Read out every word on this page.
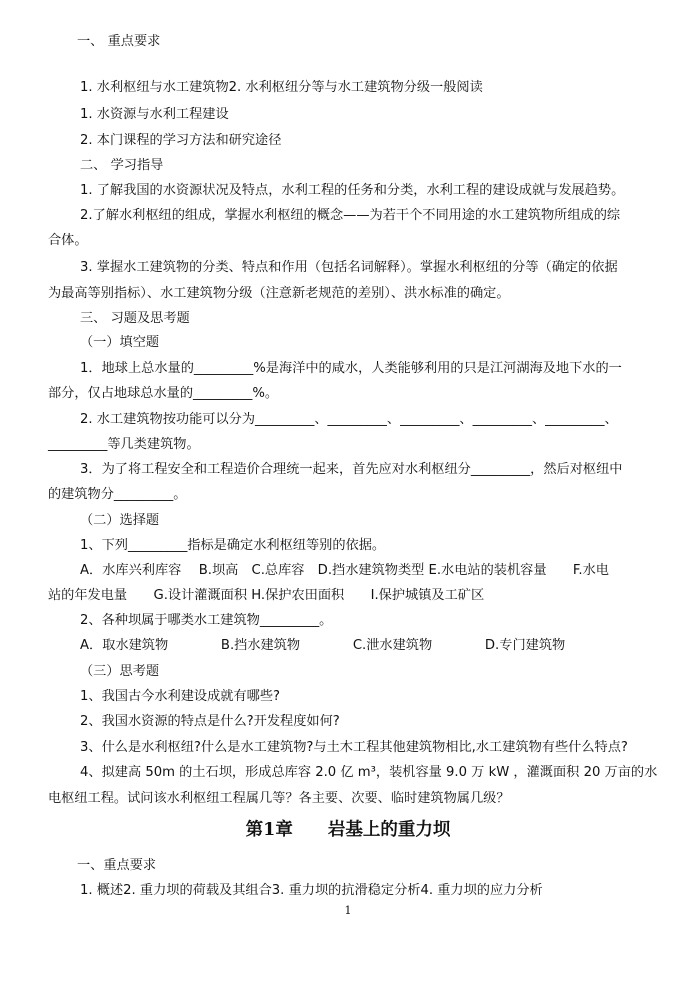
一、 重点要求
1. 水利枢纽与水工建筑物2. 水利枢纽分等与水工建筑物分级一般阅读
1. 水资源与水利工程建设
2. 本门课程的学习方法和研究途径
二、 学习指导
1. 了解我国的水资源状况及特点，水利工程的任务和分类，水利工程的建设成就与发展趋势。
2.了解水利枢纽的组成，掌握水利枢纽的概念——为若干个不同用途的水工建筑物所组成的综
合体。
3. 掌握水工建筑物的分类、特点和作用（包括名词解释）。掌握水利枢纽的分等（确定的依据
为最高等别指标）、水工建筑物分级（注意新老规范的差别）、洪水标准的确定。
三、 习题及思考题
（一）填空题
1．地球上总水量的_________%是海洋中的咸水，人类能够利用的只是江河湖海及地下水的一
部分，仅占地球总水量的_________%。
2. 水工建筑物按功能可以分为_________、_________、_________、_________、_________、
_________等几类建筑物。
3．为了将工程安全和工程造价合理统一起来，首先应对水利枢纽分_________，然后对枢纽中
的建筑物分_________。
（二）选择题
1、下列_________指标是确定水利枢纽等别的依据。
A．水库兴利库容　 B.坝高　C.总库容　D.挡水建筑物类型 E.水电站的装机容量　　F.水电
站的年发电量　　G.设计灌溉面积 H.保护农田面积　　I.保护城镇及工矿区
2、各种坝属于哪类水工建筑物_________。
A．取水建筑物　　　　B.挡水建筑物　　　　C.泄水建筑物　　　　D.专门建筑物
（三）思考题
1、我国古今水利建设成就有哪些?
2、我国水资源的特点是什么?开发程度如何?
3、什么是水利枢纽?什么是水工建筑物?与土木工程其他建筑物相比,水工建筑物有些什么特点?
4、拟建高 50m 的土石坝，形成总库容 2.0 亿 m³，装机容量 9.0 万 kW ，灌溉面积 20 万亩的水
电枢纽工程。试问该水利枢纽工程属几等？各主要、次要、临时建筑物属几级？
第1章　　岩基上的重力坝
一、重点要求
1. 概述2. 重力坝的荷载及其组合3. 重力坝的抗滑稳定分析4. 重力坝的应力分析
1
